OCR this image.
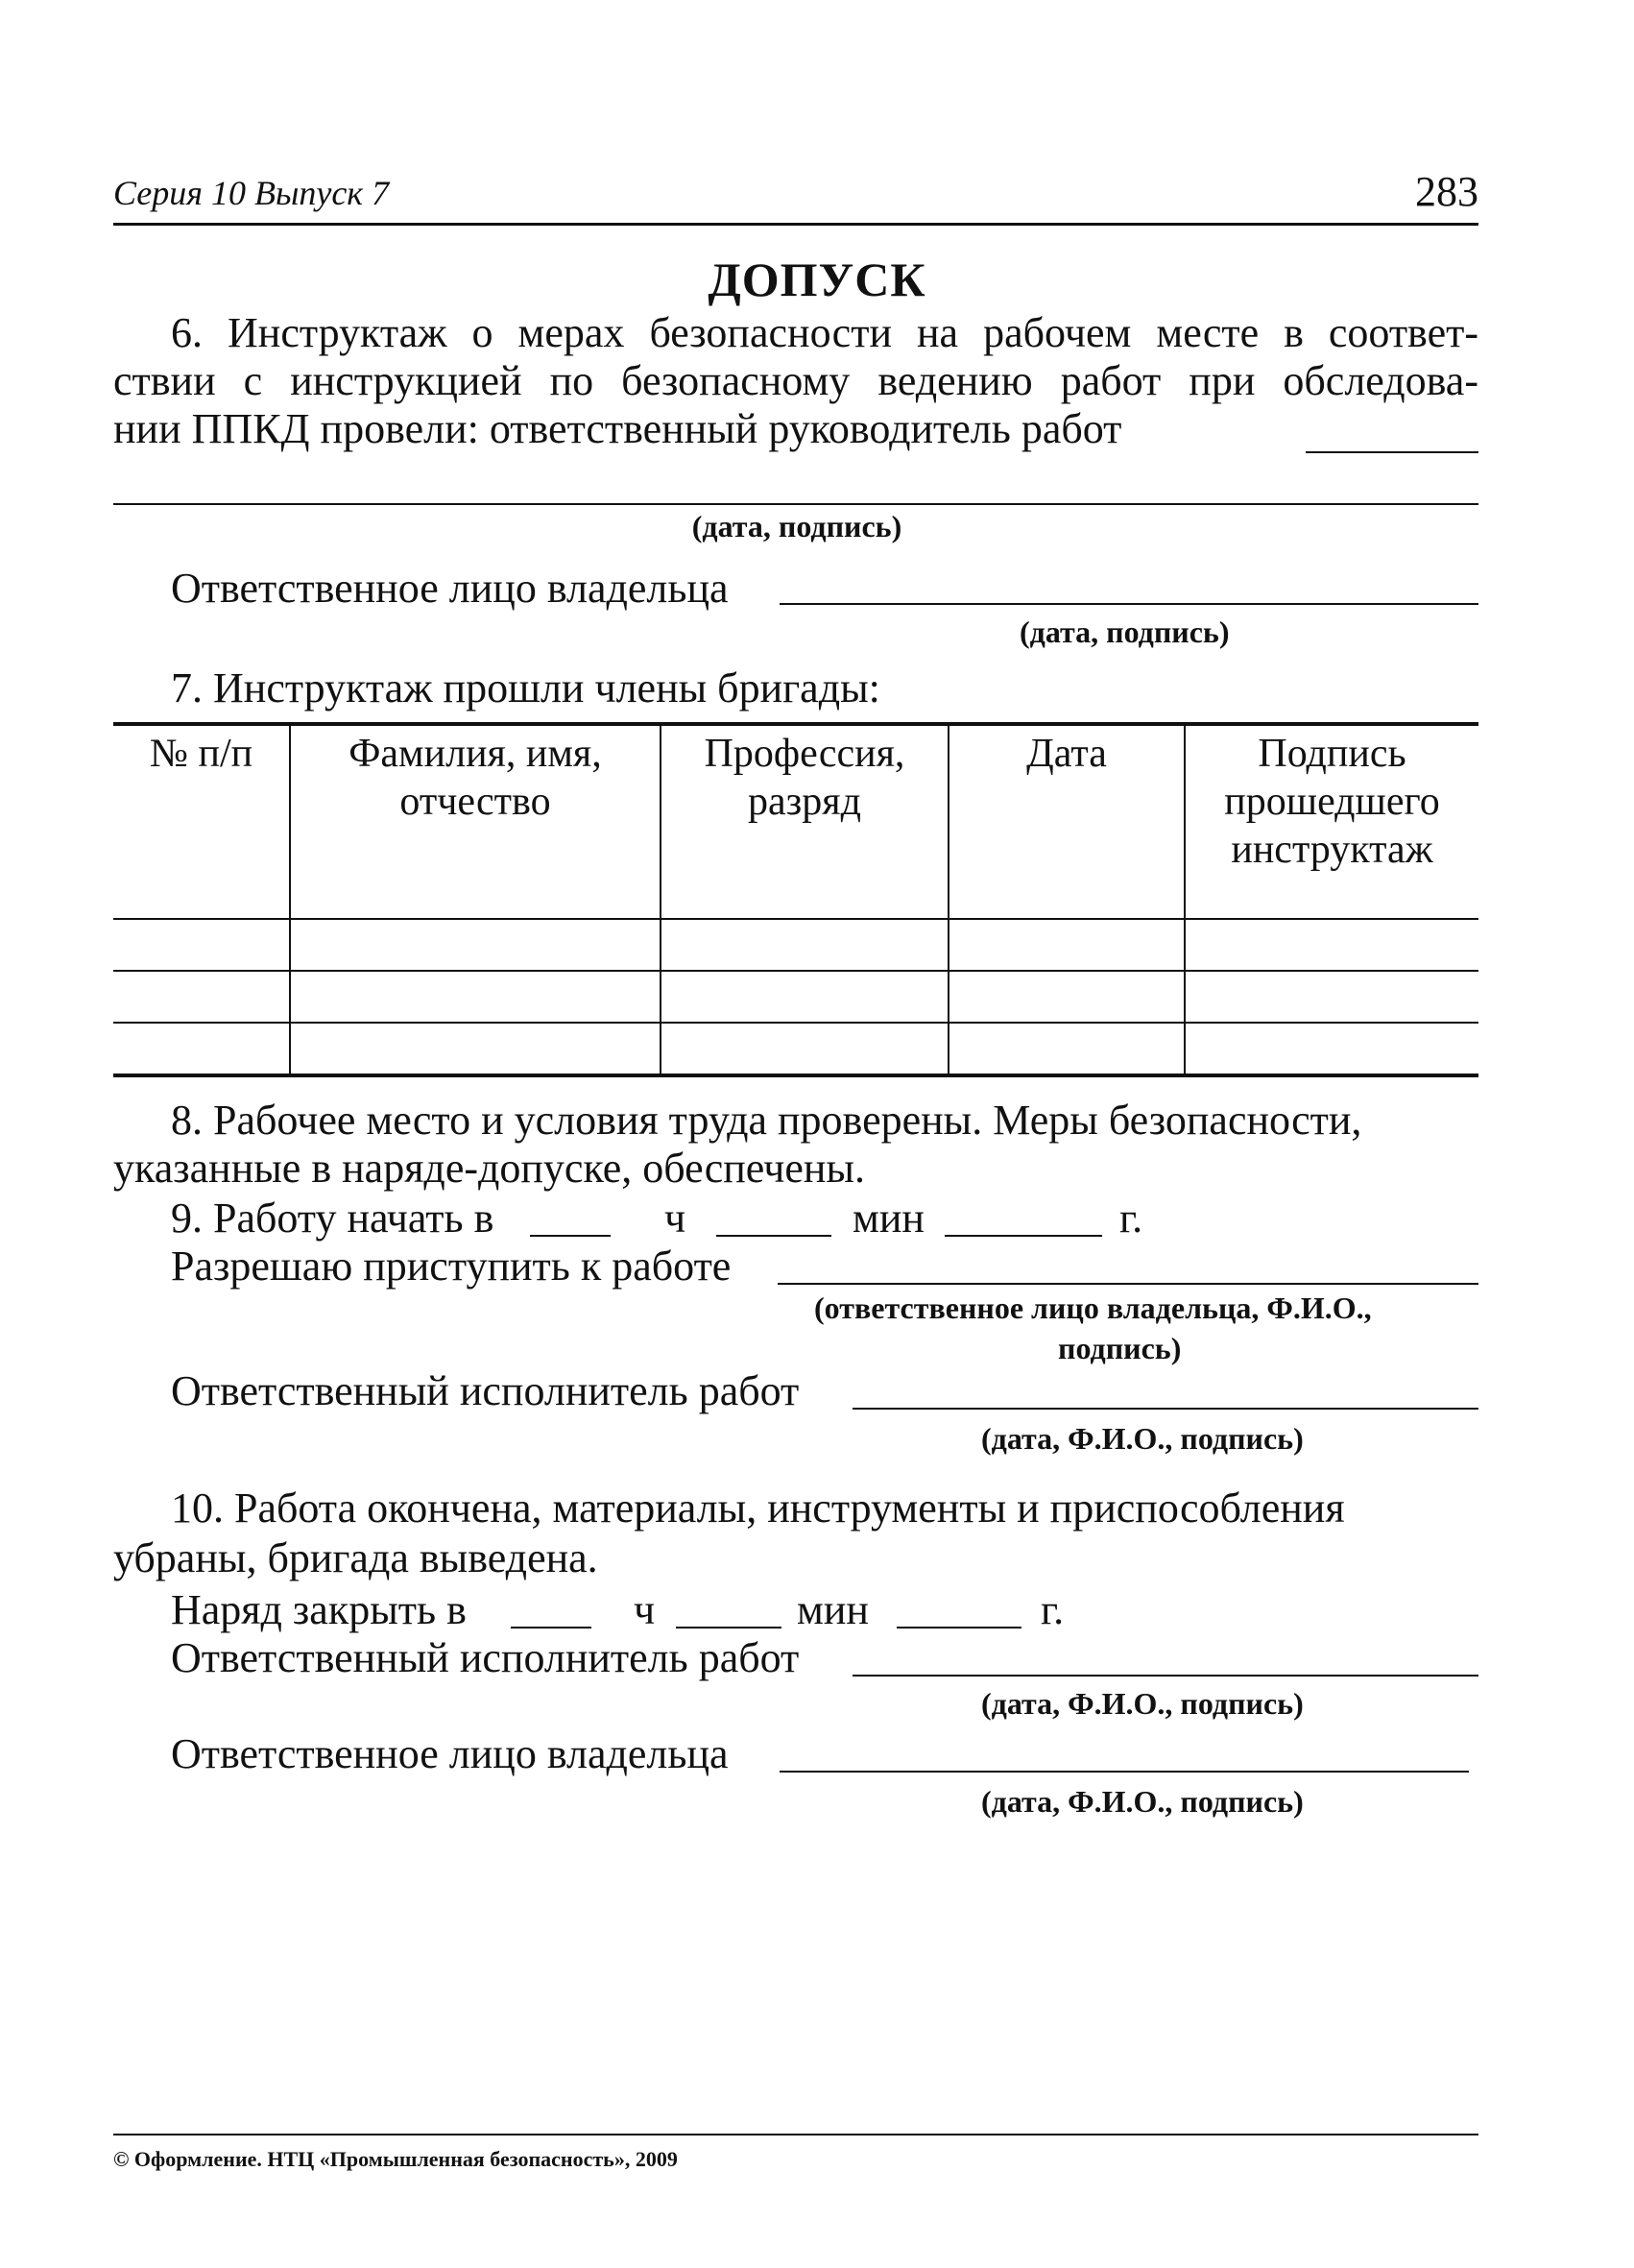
Серия 10 Выпуск 7	283
ДОПУСК
6. Инструктаж о мерах безопасности на рабочем месте в соответ-
ствии с инструкцией по безопасному ведению работ при обследова-
нии ППКД провели: ответственный руководитель работ
(дата, подпись)
Ответственное лицо владельца
(дата, подпись)
7. Инструктаж прошли члены бригады:
№ п/п	Фамилия, имя, отчество	Профессия, разряд	Дата	Подпись прошедшего инструктаж

8. Рабочее место и условия труда проверены. Меры безопасности,
указанные в наряде-допуске, обеспечены.
9. Работу начать в	ч	мин	г.
Разрешаю приступить к работе
(ответственное лицо владельца, Ф.И.О.,
подпись)
Ответственный исполнитель работ
(дата, Ф.И.О., подпись)
10. Работа окончена, материалы, инструменты и приспособления
убраны, бригада выведена.
Наряд закрыть в	ч	мин	г.
Ответственный исполнитель работ
(дата, Ф.И.О., подпись)
Ответственное лицо владельца
(дата, Ф.И.О., подпись)
© Оформление. НТЦ «Промышленная безопасность», 2009
